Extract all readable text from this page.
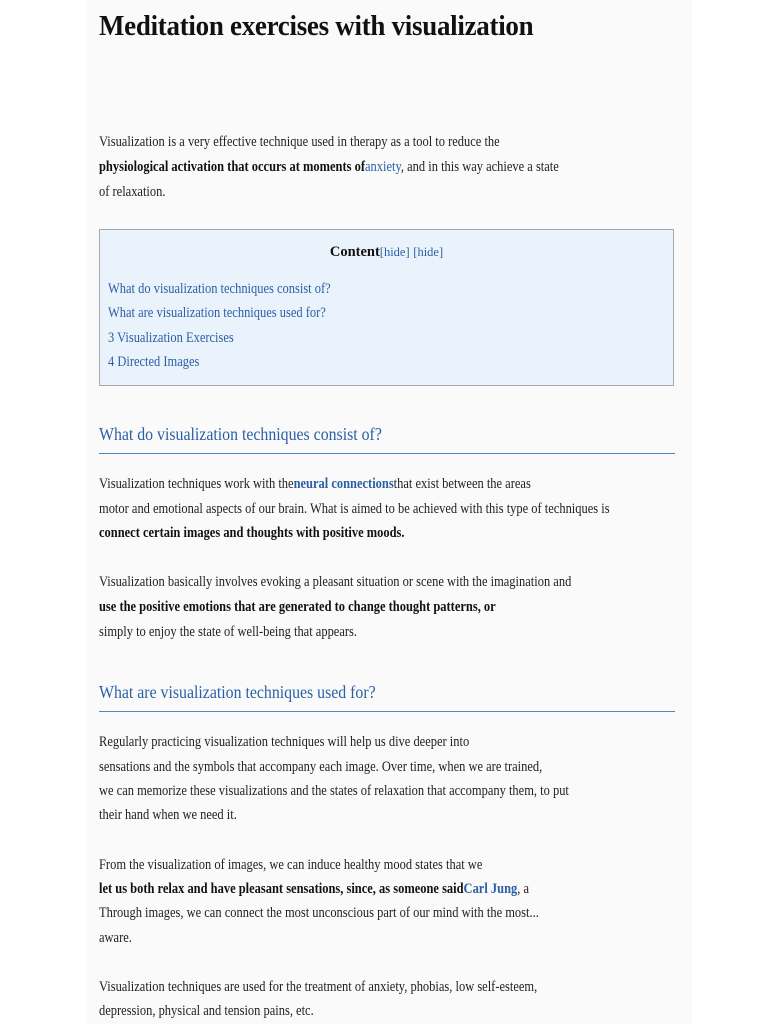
Meditation exercises with visualization
Visualization is a very effective technique used in therapy as a tool to reduce the
physiological activation that occurs at moments ofanxiety, and in this way achieve a state
of relaxation.
Content[hide] [hide]
What do visualization techniques consist of?
What are visualization techniques used for?
3 Visualization Exercises
4 Directed Images
What do visualization techniques consist of?
Visualization techniques work with theneural connectionsthat exist between the areas
motor and emotional aspects of our brain. What is aimed to be achieved with this type of techniques is
connect certain images and thoughts with positive moods.
Visualization basically involves evoking a pleasant situation or scene with the imagination and
use the positive emotions that are generated to change thought patterns, or
simply to enjoy the state of well-being that appears.
What are visualization techniques used for?
Regularly practicing visualization techniques will help us dive deeper into
sensations and the symbols that accompany each image. Over time, when we are trained,
we can memorize these visualizations and the states of relaxation that accompany them, to put
their hand when we need it.
From the visualization of images, we can induce healthy mood states that we
let us both relax and have pleasant sensations, since, as someone saidCarl Jung, a
Through images, we can connect the most unconscious part of our mind with the most...
aware.
Visualization techniques are used for the treatment of anxiety, phobias, low self-esteem,
depression, physical and tension pains, etc.
